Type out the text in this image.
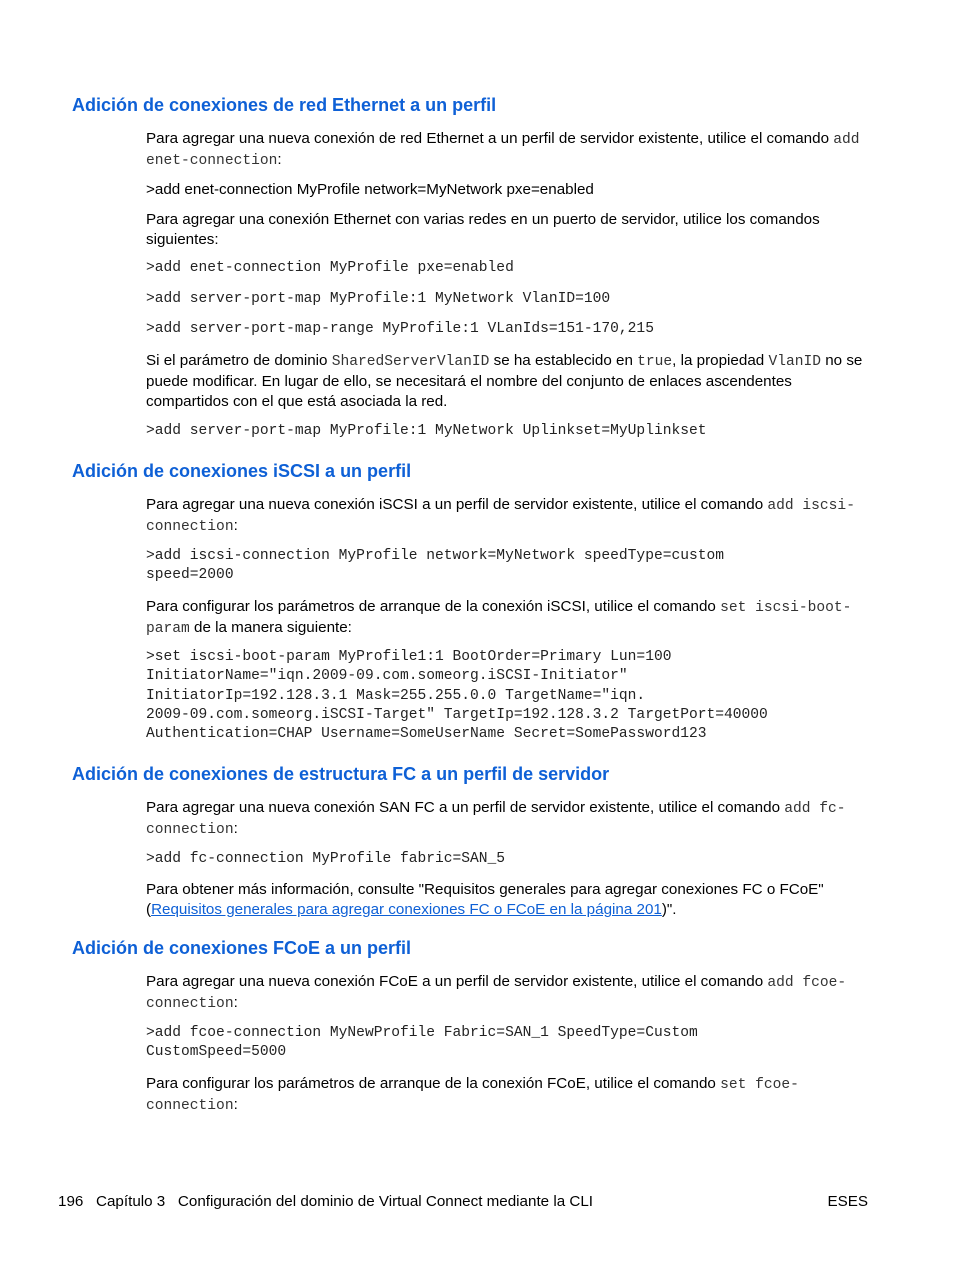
Adición de conexiones de red Ethernet a un perfil

Para agregar una nueva conexión de red Ethernet a un perfil de servidor existente, utilice el comando add enet-connection:

>add enet-connection MyProfile network=MyNetwork pxe=enabled

Para agregar una conexión Ethernet con varias redes en un puerto de servidor, utilice los comandos siguientes:

>add enet-connection MyProfile pxe=enabled
>add server-port-map MyProfile:1 MyNetwork VlanID=100
>add server-port-map-range MyProfile:1 VLanIds=151-170,215

Si el parámetro de dominio SharedServerVlanID se ha establecido en true, la propiedad VlanID no se puede modificar. En lugar de ello, se necesitará el nombre del conjunto de enlaces ascendentes compartidos con el que está asociada la red.

>add server-port-map MyProfile:1 MyNetwork Uplinkset=MyUplinkset
Adición de conexiones iSCSI a un perfil

Para agregar una nueva conexión iSCSI a un perfil de servidor existente, utilice el comando add iscsi-connection:

>add iscsi-connection MyProfile network=MyNetwork speedType=custom
speed=2000

Para configurar los parámetros de arranque de la conexión iSCSI, utilice el comando set iscsi-boot-param de la manera siguiente:

>set iscsi-boot-param MyProfile1:1 BootOrder=Primary Lun=100
InitiatorName="iqn.2009-09.com.someorg.iSCSI-Initiator"
InitiatorIp=192.128.3.1 Mask=255.255.0.0 TargetName="iqn.
2009-09.com.someorg.iSCSI-Target" TargetIp=192.128.3.2 TargetPort=40000
Authentication=CHAP Username=SomeUserName Secret=SomePassword123
Adición de conexiones de estructura FC a un perfil de servidor

Para agregar una nueva conexión SAN FC a un perfil de servidor existente, utilice el comando add fc-connection:

>add fc-connection MyProfile fabric=SAN_5

Para obtener más información, consulte "Requisitos generales para agregar conexiones FC o FCoE" (Requisitos generales para agregar conexiones FC o FCoE en la página 201)".

Adición de conexiones FCoE a un perfil

Para agregar una nueva conexión FCoE a un perfil de servidor existente, utilice el comando add fcoe-connection:

>add fcoe-connection MyNewProfile Fabric=SAN_1 SpeedType=Custom
CustomSpeed=5000

Para configurar los parámetros de arranque de la conexión FCoE, utilice el comando set fcoe-connection:

196 Capítulo 3 Configuración del dominio de Virtual Connect mediante la CLI	ESES
